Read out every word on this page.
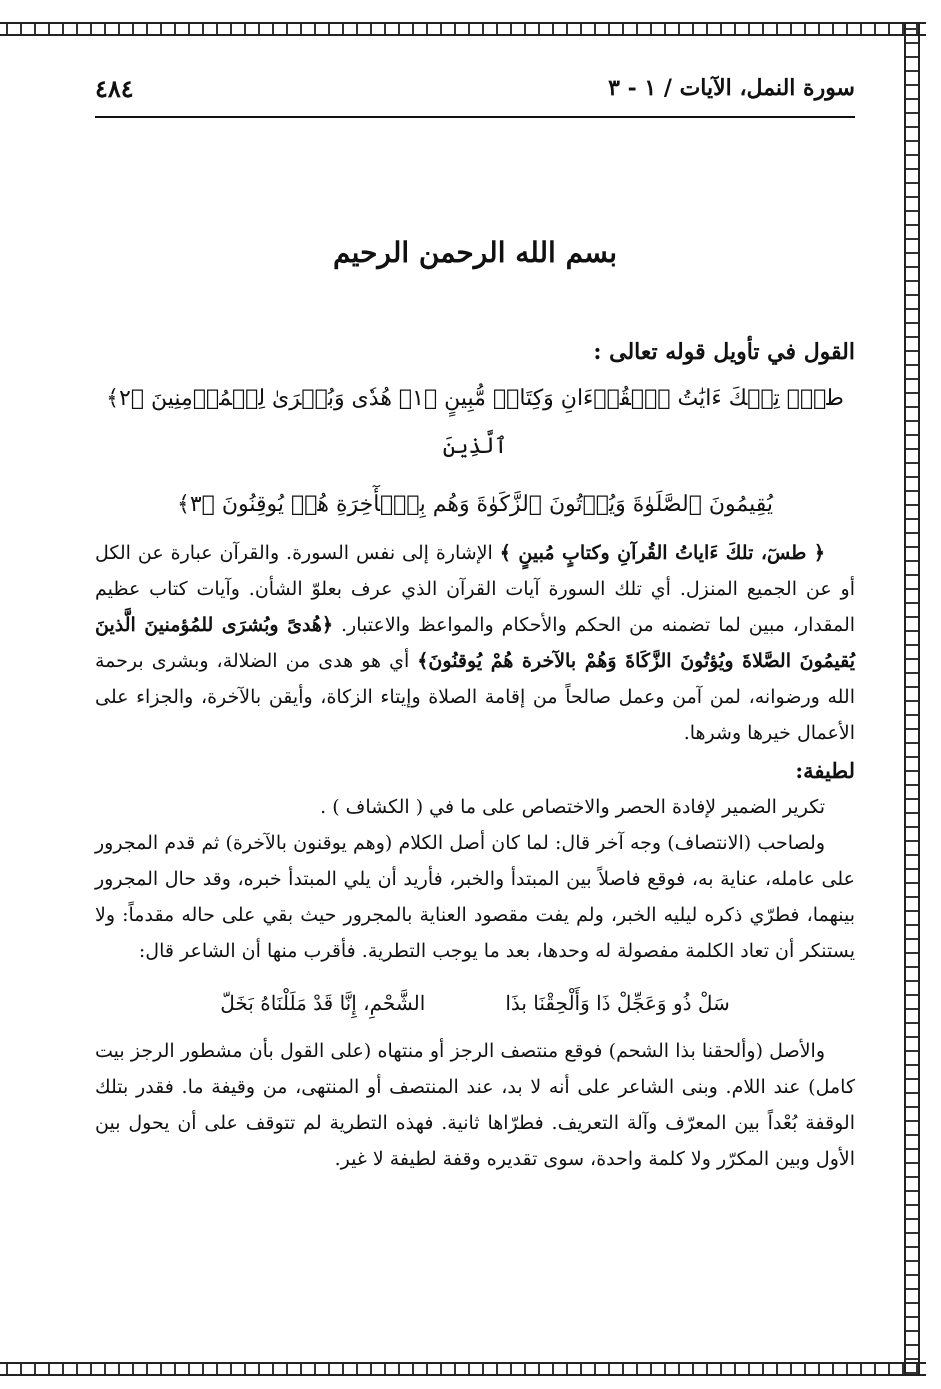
سورة النمل، الآيات / ١ - ٣
٤٨٤
بسم الله الرحمن الرحيم
القول في تأويل قوله تعالى :
طسٓۚ تِلۡكَ ءَايَٰتُ ٱلۡقُرۡءَانِ وَكِتَابٖ مُّبِينٍ ﴿١﴾ هُدٗى وَبُشۡرَىٰ لِلۡمُؤۡمِنِينَ ﴿٢﴾ ٱلَّذِينَ
يُقِيمُونَ ٱلصَّلَوٰةَ وَيُؤۡتُونَ ٱلزَّكَوٰةَ وَهُم بِٱلۡأٓخِرَةِ هُمۡ يُوقِنُونَ ﴿٣﴾

﴿ طسٓ، تلكَ ءَاياتُ القُرآنِ وكتابٍ مُبينٍ ﴾ الإشارة إلى نفس السورة. والقرآن عبارة عن الكل أو عن الجميع المنزل. أي تلك السورة آيات القرآن الذي عرف بعلوّ الشأن. وآيات كتاب عظيم المقدار، مبين لما تضمنه من الحكم والأحكام والمواعظ والاعتبار. ﴿هُدىً وبُشرَى للمُؤمنينَ الَّذينَ يُقيمُونَ الصَّلاةَ ويُؤتُونَ الزَّكَاةَ وَهُمْ بالآخرة هُمْ يُوقنُونَ﴾ أي هو هدى من الضلالة، وبشرى برحمة الله ورضوانه، لمن آمن وعمل صالحاً من إقامة الصلاة وإيتاء الزكاة، وأيقن بالآخرة، والجزاء على الأعمال خيرها وشرها.

لطيفة:

تكرير الضمير لإفادة الحصر والاختصاص على ما في ( الكشاف ) .

ولصاحب (الانتصاف) وجه آخر قال: لما كان أصل الكلام (وهم يوقنون بالآخرة) ثم قدم المجرور على عامله، عناية به، فوقع فاصلاً بين المبتدأ والخبر، فأريد أن يلي المبتدأ خبره، وقد حال المجرور بينهما، فطرّي ذكره ليليه الخبر، ولم يفت مقصود العناية بالمجرور حيث بقي على حاله مقدماً: ولا يستنكر أن تعاد الكلمة مفصولة له وحدها، بعد ما يوجب التطرية. فأقرب منها أن الشاعر قال:

سَلْ ذُو وَعَجِّلْ ذَا وَأَلْحِقْنَا بذَا
الشَّحْمِ، إِنَّا قَدْ مَلَلْنَاهُ بَخَلّ

والأصل (وألحقنا بذا الشحم) فوقع منتصف الرجز أو منتهاه (على القول بأن مشطور الرجز بيت كامل) عند اللام. وبنى الشاعر على أنه لا بد، عند المنتصف أو المنتهى، من وقيفة ما. فقدر بتلك الوقفة بُعْداً بين المعرّف وآلة التعريف. فطرّاها ثانية. فهذه التطرية لم تتوقف على أن يحول بين الأول وبين المكرّر ولا كلمة واحدة، سوى تقديره وقفة لطيفة لا غير.
